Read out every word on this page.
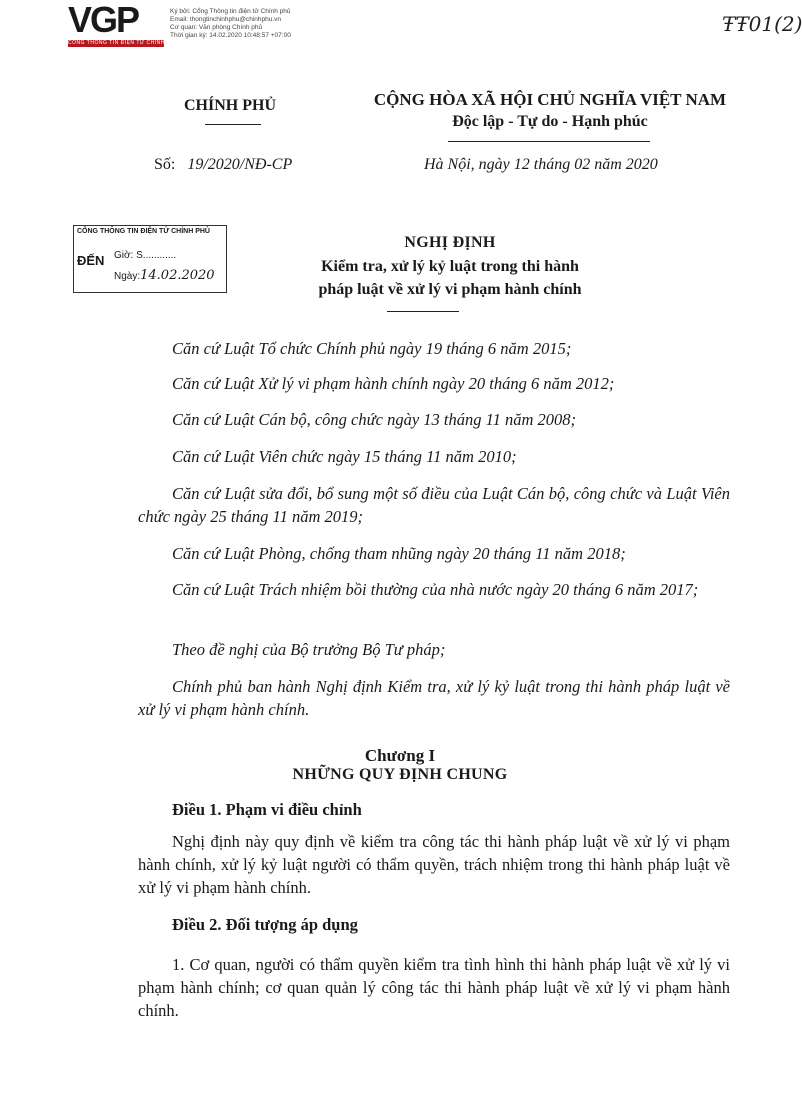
VGP
CỔNG THÔNG TIN ĐIỆN TỬ CHÍNH PHỦ
Ký bởi: Cổng Thông tin điện tử Chính phủ
Email: thongtinchinhphu@chinhphu.vn
Cơ quan: Văn phòng Chính phủ
Thời gian ký: 14.02.2020 10:48:57 +07:00	ŦŦ01(2)
CHÍNH PHỦ	CỘNG HÒA XÃ HỘI CHỦ NGHĨA VIỆT NAM
Độc lập - Tự do - Hạnh phúc
Số: 19/2020/NĐ-CP	Hà Nội, ngày 12 tháng 02 năm 2020
CỔNG THÔNG TIN ĐIỆN TỬ CHÍNH PHỦ
ĐẾN Giờ: S............
Ngày:14.02.2020
NGHỊ ĐỊNH
Kiểm tra, xử lý kỷ luật trong thi hành
pháp luật về xử lý vi phạm hành chính
Căn cứ Luật Tổ chức Chính phủ ngày 19 tháng 6 năm 2015;
Căn cứ Luật Xử lý vi phạm hành chính ngày 20 tháng 6 năm 2012;
Căn cứ Luật Cán bộ, công chức ngày 13 tháng 11 năm 2008;
Căn cứ Luật Viên chức ngày 15 tháng 11 năm 2010;
Căn cứ Luật sửa đổi, bổ sung một số điều của Luật Cán bộ, công chức và Luật Viên chức ngày 25 tháng 11 năm 2019;
Căn cứ Luật Phòng, chống tham nhũng ngày 20 tháng 11 năm 2018;
Căn cứ Luật Trách nhiệm bồi thường của nhà nước ngày 20 tháng 6 năm 2017;
Theo đề nghị của Bộ trưởng Bộ Tư pháp;
Chính phủ ban hành Nghị định Kiểm tra, xử lý kỷ luật trong thi hành pháp luật về xử lý vi phạm hành chính.
Chương I
NHỮNG QUY ĐỊNH CHUNG
Điều 1. Phạm vi điều chỉnh
Nghị định này quy định về kiểm tra công tác thi hành pháp luật về xử lý vi phạm hành chính, xử lý kỷ luật người có thẩm quyền, trách nhiệm trong thi hành pháp luật về xử lý vi phạm hành chính.
Điều 2. Đối tượng áp dụng
1. Cơ quan, người có thẩm quyền kiểm tra tình hình thi hành pháp luật về xử lý vi phạm hành chính; cơ quan quản lý công tác thi hành pháp luật về xử lý vi phạm hành chính.
